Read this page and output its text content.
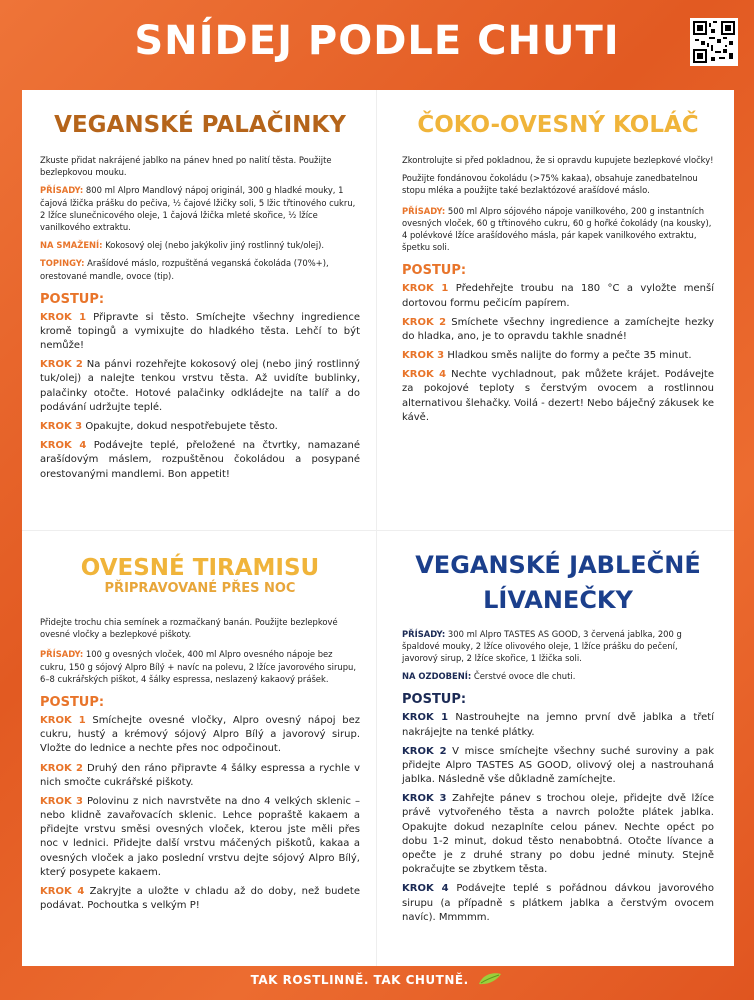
SNÍDEJ PODLE CHUTI
VEGANSKÉ PALAČINKY

Zkuste přidat nakrájené jablko na pánev hned po nalití těsta. Použijte bezlepkovou mouku.

PŘÍSADY: 800 ml Alpro Mandlový nápoj originál, 300 g hladké mouky, 1 čajová lžička prášku do pečiva, ½ čajové lžičky soli, 5 lžic třtinového cukru, 2 lžíce slunečnicového oleje, 1 čajová lžička mleté skořice, ½ lžíce vanilkového extraktu.

NA SMAŽENÍ: Kokosový olej (nebo jakýkoliv jiný rostlinný tuk/olej).

TOPINGY: Arašídové máslo, rozpuštěná veganská čokoláda (70%+), orestované mandle, ovoce (tip).

POSTUP:
KROK 1 Připravte si těsto. Smíchejte všechny ingredience kromě topingů a vymixujte do hladkého těsta. Lehčí to být nemůže!
KROK 2 Na pánvi rozehřejte kokosový olej (nebo jiný rostlinný tuk/olej) a nalejte tenkou vrstvu těsta. Až uvidíte bublinky, palačinky otočte. Hotové palačinky odkládejte na talíř a do podávání udržujte teplé.
KROK 3 Opakujte, dokud nespotřebujete těsto.
KROK 4 Podávejte teplé, přeložené na čtvrtky, namazané arašídovým máslem, rozpuštěnou čokoládou a posypané orestovanými mandlemi. Bon appetit!
ČOKO-OVESNÝ KOLÁČ

Zkontrolujte si před pokladnou, že si opravdu kupujete bezlepkové vločky!

Použijte fondánovou čokoládu (>75% kakaa), obsahuje zanedbatelnou stopu mléka a použijte také bezlaktózové arašídové máslo.

PŘÍSADY: 500 ml Alpro sójového nápoje vanilkového, 200 g instantních ovesných vloček, 60 g třtinového cukru, 60 g hořké čokolády (na kousky), 4 polévkové lžíce arašídového másla, pár kapek vanilkového extraktu, špetku soli.

POSTUP:
KROK 1 Předehřejte troubu na 180 °C a vyložte menší dortovou formu pečicím papírem.
KROK 2 Smíchete všechny ingredience a zamíchejte hezky do hladka, ano, je to opravdu takhle snadné!
KROK 3 Hladkou směs nalijte do formy a pečte 35 minut.
KROK 4 Nechte vychladnout, pak můžete krájet. Podávejte za pokojové teploty s čerstvým ovocem a rostlinnou alternativou šlehačky. Voilá - dezert! Nebo báječný zákusek ke kávě.
OVESNÉ TIRAMISU
PŘIPRAVOVANÉ PŘES NOC

Přidejte trochu chia semínek a rozmačkaný banán. Použijte bezlepkové ovesné vločky a bezlepkové piškoty.

PŘÍSADY: 100 g ovesných vloček, 400 ml Alpro ovesného nápoje bez cukru, 150 g sójový Alpro Bílý + navíc na polevu, 2 lžíce javorového sirupu, 6–8 cukrářských piškot, 4 šálky espressa, neslazený kakaový prášek.

POSTUP:
KROK 1 Smíchejte ovesné vločky, Alpro ovesný nápoj bez cukru, hustý a krémový sójový Alpro Bílý a javorový sirup. Vložte do lednice a nechte přes noc odpočinout.
KROK 2 Druhý den ráno připravte 4 šálky espressa a rychle v nich smočte cukrářské piškoty.
KROK 3 Polovinu z nich navrstvěte na dno 4 velkých sklenic – nebo klidně zavařovacích sklenic. Lehce popraště kakaem a přidejte vrstvu směsi ovesných vloček, kterou jste měli přes noc v lednici. Přidejte další vrstvu máčených piškotů, kakaa a ovesných vloček a jako poslední vrstvu dejte sójový Alpro Bílý, který posypete kakaem.
KROK 4 Zakryjte a uložte v chladu až do doby, než budete podávat. Pochoutka s velkým P!
VEGANSKÉ JABLEČNÉ
LÍVANEČKY

PŘÍSADY: 300 ml Alpro TASTES AS GOOD, 3 červená jablka, 200 g špaldové mouky, 2 lžíce olivového oleje, 1 lžíce prášku do pečení, javorový sirup, 2 lžíce skořice, 1 lžička soli.

NA OZDOBENÍ: Čerstvé ovoce dle chuti.

POSTUP:
KROK 1 Nastrouhejte na jemno první dvě jablka a třetí nakrájejte na tenké plátky.
KROK 2 V misce smíchejte všechny suché suroviny a pak přidejte Alpro TASTES AS GOOD, olivový olej a nastrouhaná jablka. Následně vše důkladně zamíchejte.
KROK 3 Zahřejte pánev s trochou oleje, přidejte dvě lžíce právě vytvořeného těsta a navrch položte plátek jablka. Opakujte dokud nezaplníte celou pánev. Nechte opéct po dobu 1-2 minut, dokud těsto nenabobtná. Otočte lívance a opečte je z druhé strany po dobu jedné minuty. Stejně pokračujte se zbytkem těsta.
KROK 4 Podávejte teplé s pořádnou dávkou javorového sirupu (a případně s plátkem jablka a čerstvým ovocem navíc). Mmmmm.
TAK ROSTLINNĚ. TAK CHUTNĚ.
